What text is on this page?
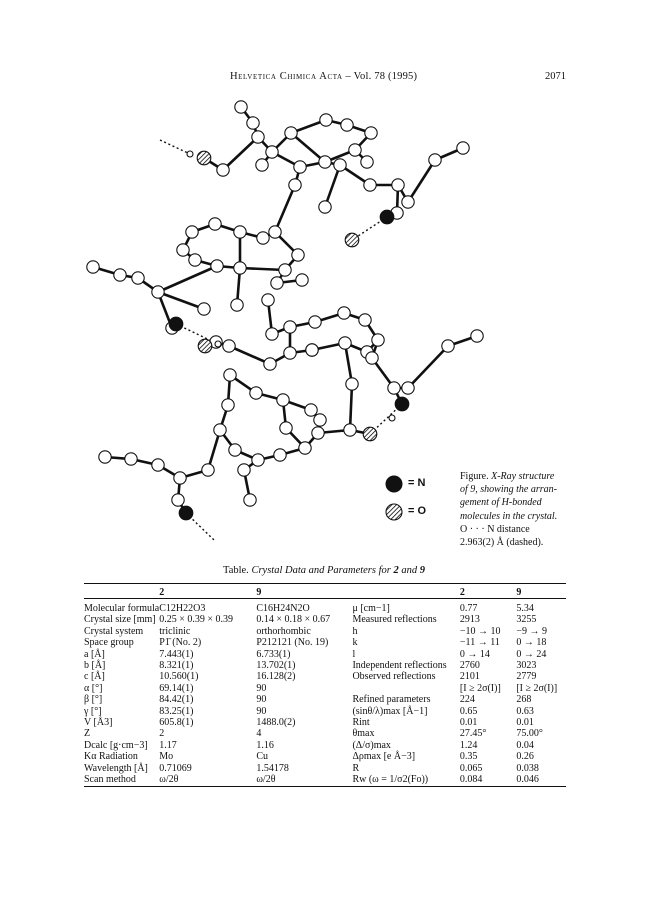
Helvetica Chimica Acta – Vol. 78 (1995)	2071
= N
= O
Figure. X-Ray structure
of 9, showing the arran-
gement of H-bonded
molecules in the crystal.
O · · · N distance
2.963(2) Å (dashed).
Table. Crystal Data and Parameters for 2 and 9
	2	9		2	9
Molecular formula	C12H22O3	C16H24N2O	μ [cm−1]	0.77	5.34
Crystal size [mm]	0.25 × 0.39 × 0.39	0.14 × 0.18 × 0.67	Measured reflections	2913	3255
Crystal system	triclinic	orthorhombic	h	−10 → 10	−9 → 9
Space group	P1̄ (No. 2)	P212121 (No. 19)	k	−11 → 11	0 → 18
a [Å]	7.443(1)	6.733(1)	l	0 → 14	0 → 24
b [Å]	8.321(1)	13.702(1)	Independent reflections	2760	3023
c [Å]	10.560(1)	16.128(2)	Observed reflections	2101	2779
α [°]	69.14(1)	90		[I ≥ 2σ(I)]	[I ≥ 2σ(I)]
β [°]	84.42(1)	90	Refined parameters	224	268
γ [°]	83.25(1)	90	(sinθ/λ)max [Å−1]	0.65	0.63
V [Å3]	605.8(1)	1488.0(2)	Rint	0.01	0.01
Z	2	4	θmax	27.45°	75.00°
Dcalc [g·cm−3]	1.17	1.16	(Δ/σ)max	1.24	0.04
Kα Radiation	Mo	Cu	Δρmax [e Å−3]	0.35	0.26
Wavelength [Å]	0.71069	1.54178	R	0.065	0.038
Scan method	ω/2θ	ω/2θ	Rw (ω = 1/σ2(Fo))	0.084	0.046
